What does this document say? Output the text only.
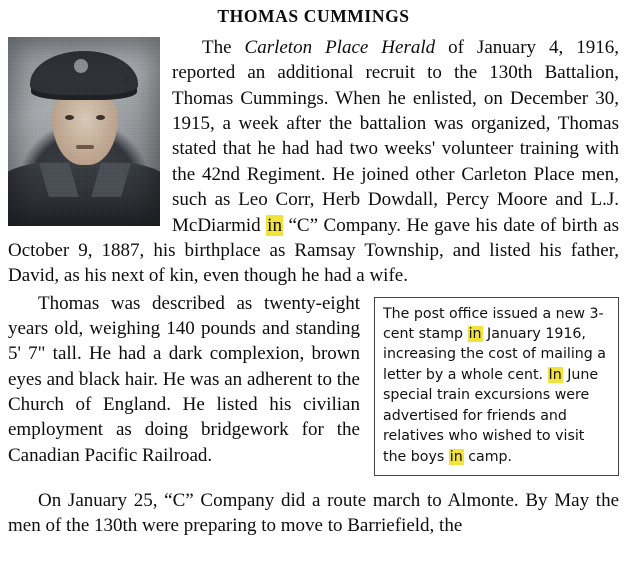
THOMAS CUMMINGS

The Carleton Place Herald of January 4, 1916, reported an additional recruit to the 130th Battalion, Thomas Cummings. When he enlisted, on December 30, 1915, a week after the battalion was organized, Thomas stated that he had had two weeks' volunteer training with the 42nd Regiment. He joined other Carleton Place men, such as Leo Corr, Herb Dowdall, Percy Moore and L.J. McDiarmid in “C” Company. He gave his date of birth as October 9, 1887, his birthplace as Ramsay Township, and listed his father, David, as his next of kin, even though he had a wife.

The post office issued a new 3-cent stamp in January 1916, increasing the cost of mailing a letter by a whole cent. In June special train excursions were advertised for friends and relatives who wished to visit the boys in camp.

Thomas was described as twenty-eight years old, weighing 140 pounds and standing 5' 7" tall. He had a dark complexion, brown eyes and black hair. He was an adherent to the Church of England. He listed his civilian employment as doing bridgework for the Canadian Pacific Railroad.

On January 25, “C” Company did a route march to Almonte. By May the men of the 130th were preparing to move to Barriefield, the
